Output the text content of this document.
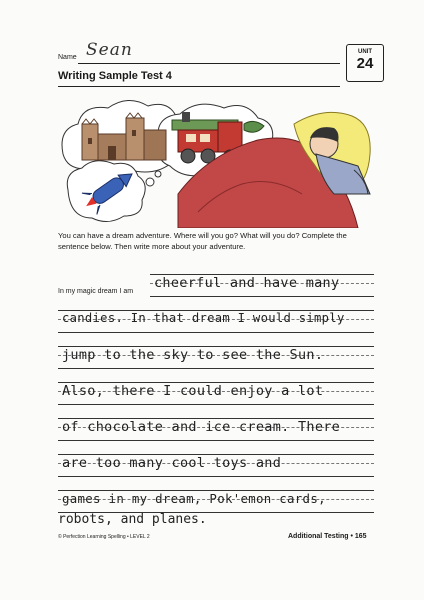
Name Sean	UNIT
24
Writing Sample Test 4
You can have a dream adventure. Where will you go? What will you do? Complete the sentence below. Then write more about your adventure.
In my magic dream I am
cheerful and have many
candies. In that dream I would simply
jump to the sky to see the Sun.
Also, there I could enjoy a lot
of chocolate and ice cream. There
are too many cool toys and
games in my dream, Pok'emon cards,
robots, and planes.
© Perfection Learning Spelling • LEVEL 2	Additional Testing • 165
